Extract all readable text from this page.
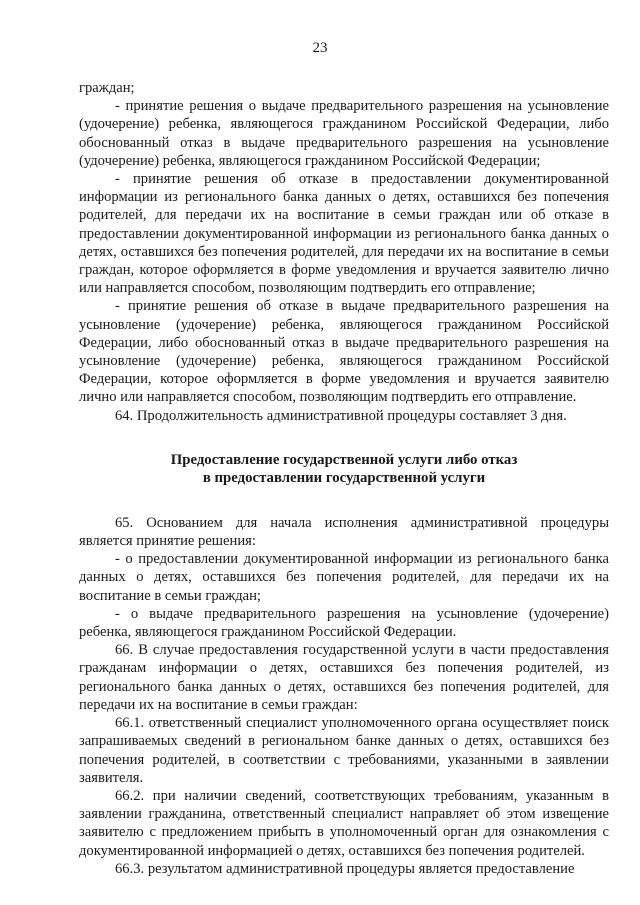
23

граждан;

- принятие решения о выдаче предварительного разрешения на усыновление (удочерение) ребенка, являющегося гражданином Российской Федерации, либо обоснованный отказ в выдаче предварительного разрешения на усыновление (удочерение) ребенка, являющегося гражданином Российской Федерации;

- принятие решения об отказе в предоставлении документированной информации из регионального банка данных о детях, оставшихся без попечения родителей, для передачи их на воспитание в семьи граждан или об отказе в предоставлении документированной информации из регионального банка данных о детях, оставшихся без попечения родителей, для передачи их на воспитание в семьи граждан, которое оформляется в форме уведомления и вручается заявителю лично или направляется способом, позволяющим подтвердить его отправление;

- принятие решения об отказе в выдаче предварительного разрешения на усыновление (удочерение) ребенка, являющегося гражданином Российской Федерации, либо обоснованный отказ в выдаче предварительного разрешения на усыновление (удочерение) ребенка, являющегося гражданином Российской Федерации, которое оформляется в форме уведомления и вручается заявителю лично или направляется способом, позволяющим подтвердить его отправление.

64. Продолжительность административной процедуры составляет 3 дня.

Предоставление государственной услуги либо отказ
в предоставлении государственной услуги

65. Основанием для начала исполнения административной процедуры является принятие решения:

- о предоставлении документированной информации из регионального банка данных о детях, оставшихся без попечения родителей, для передачи их на воспитание в семьи граждан;

- о выдаче предварительного разрешения на усыновление (удочерение) ребенка, являющегося гражданином Российской Федерации.

66. В случае предоставления государственной услуги в части предоставления гражданам информации о детях, оставшихся без попечения родителей, из регионального банка данных о детях, оставшихся без попечения родителей, для передачи их на воспитание в семьи граждан:

66.1. ответственный специалист уполномоченного органа осуществляет поиск запрашиваемых сведений в региональном банке данных о детях, оставшихся без попечения родителей, в соответствии с требованиями, указанными в заявлении заявителя.

66.2. при наличии сведений, соответствующих требованиям, указанным в заявлении гражданина, ответственный специалист направляет об этом извещение заявителю с предложением прибыть в уполномоченный орган для ознакомления с документированной информацией о детях, оставшихся без попечения родителей.

66.3. результатом административной процедуры является предоставление
